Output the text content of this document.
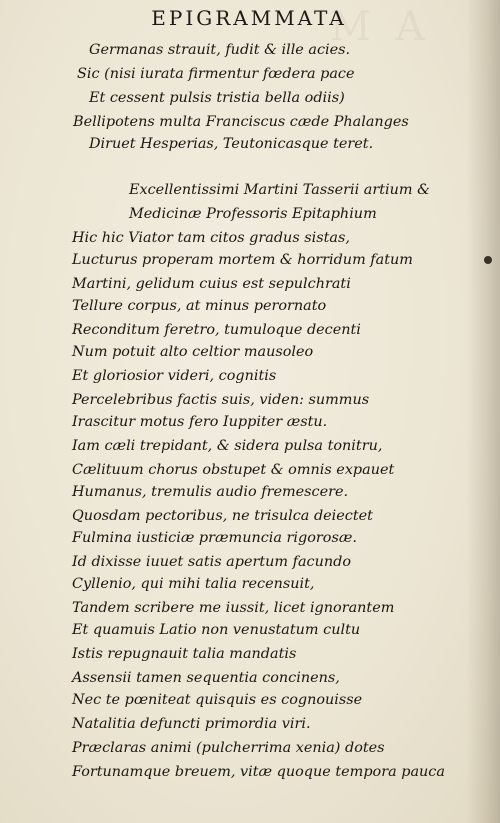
M A
EPIGRAMMATA
Germanas strauit, fudit & ille acies.
Sic (nisi iurata firmentur fœdera pace
Et cessent pulsis tristia bella odiis)
Bellipotens multa Franciscus cæde Phalanges
Diruet Hesperias, Teutonicasque teret.
Excellentissimi Martini Tasserii artium &
Medicinæ Professoris Epitaphium
Hic hic Viator tam citos gradus sistas,
Lucturus properam mortem & horridum fatum
Martini, gelidum cuius est sepulchrati
Tellure corpus, at minus perornato
Reconditum feretro, tumuloque decenti
Num potuit alto celtior mausoleo
Et gloriosior videri, cognitis
Percelebribus factis suis, viden: summus
Irascitur motus fero Iuppiter æstu.
Iam cæli trepidant, & sidera pulsa tonitru,
Cælituum chorus obstupet & omnis expauet
Humanus, tremulis audio fremescere.
Quosdam pectoribus, ne trisulca deiectet
Fulmina iusticiæ præmuncia rigorosæ.
Id dixisse iuuet satis apertum facundo
Cyllenio, qui mihi talia recensuit,
Tandem scribere me iussit, licet ignorantem
Et quamuis Latio non venustatum cultu
Istis repugnauit talia mandatis
Assensii tamen sequentia concinens,
Nec te pœniteat quisquis es cognouisse
Natalitia defuncti primordia viri.
Præclaras animi (pulcherrima xenia) dotes
Fortunamque breuem, vitæ quoque tempora pauca
